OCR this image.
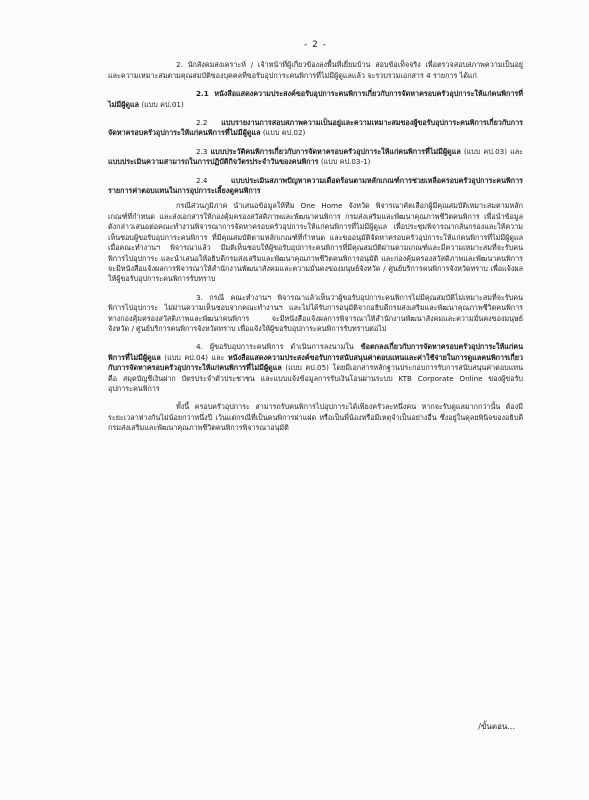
- 2 -

2. นักสังคมสงเคราะห์ / เจ้าหน้าที่ผู้เกี่ยวข้องลงพื้นที่เยี่ยมบ้าน สอบข้อเท็จจริง เพื่อตรวจสอบสภาพความเป็นอยู่ และความเหมาะสมตามคุณสมบัติของบุคคลที่ขอรับอุปการะคนพิการที่ไม่มีผู้ดูแลแล้ว จะรวบรวมเอกสาร 4 รายการ ได้แก่

2.1 หนังสือแสดงความประสงค์ขอรับอุปการะคนพิการเกี่ยวกับการจัดหาครอบครัวอุปการะให้แก่คนพิการที่ไม่มีผู้ดูแล (แบบ คป.01)

2.2 แบบรายงานการสอบสภาพความเป็นอยู่และความเหมาะสมของผู้ขอรับอุปการะคนพิการเกี่ยวกับการจัดหาครอบครัวอุปการะให้แก่คนพิการที่ไม่มีผู้ดูแล (แบบ คป.02)

2.3 แบบประวัติคนพิการเกี่ยวกับการจัดหาครอบครัวอุปการะให้แก่คนพิการที่ไม่มีผู้ดูแล (แบบ คป.03) และ แบบประเมินความสามารถในการปฏิบัติกิจวัตรประจำวันของคนพิการ (แบบ คป.03-1)

2.4	แบบประเมินสภาพปัญหาความเดือดร้อนตามหลักเกณฑ์การช่วยเหลือครอบครัวอุปการะคนพิการ รายการค่าตอบแทนในการอุปการะเลี้ยงดูคนพิการ

กรณีส่วนภูมิภาค นำเสนอข้อมูลให้ทีม One Home จังหวัด พิจารณาคัดเลือกผู้มีคุณสมบัติเหมาะสมตามหลักเกณฑ์ที่กำหนด และส่งเอกสารให้กองคุ้มครองสวัสดิภาพและพัฒนาคนพิการ กรมส่งเสริมและพัฒนาคุณภาพชีวิตคนพิการ เพื่อนำข้อมูลดังกล่าวเสนอต่อคณะทำงานพิจารณาการจัดหาครอบครัวอุปการะให้แก่คนพิการที่ไม่มีผู้ดูแล เพื่อประชุมพิจารณากลั่นกรองและให้ความเห็นชอบผู้ขอรับอุปการะคนพิการ ที่มีคุณสมบัติตามหลักเกณฑ์ที่กำหนด และขออนุมัติจัดหาครอบครัวอุปการะให้แก่คนพิการที่ไม่มีผู้ดูแล เมื่อคณะทำงานฯ พิจารณาแล้ว มีมติเห็นชอบให้ผู้ขอรับอุปการะคนพิการที่มีคุณสมบัติผ่านตามเกณฑ์และมีความเหมาะสมที่จะรับคนพิการไปอุปการะ และนำเสนอให้อธิบดีกรมส่งเสริมและพัฒนาคุณภาพชีวิตคนพิการอนุมัติ และกองคุ้มครองสวัสดิภาพและพัฒนาคนพิการ จะมีหนังสือแจ้งผลการพิจารณาให้สำนักงานพัฒนาสังคมและความมั่นคงของมนุษย์จังหวัด / ศูนย์บริการคนพิการจังหวัดทราบ เพื่อแจ้งผลให้ผู้ขอรับอุปการะคนพิการรับทราบ

3. กรณี คณะทำงานฯ พิจารณาแล้วเห็นว่าผู้ขอรับอุปการะคนพิการไม่มีคุณสมบัติไม่เหมาะสมที่จะรับคนพิการไปอุปการะ ไม่ผ่านความเห็นชอบจากคณะทำงานฯ และไม่ได้รับการอนุมัติจากอธิบดีกรมส่งเสริมและพัฒนาคุณภาพชีวิตคนพิการ ทางกองคุ้มครองสวัสดิภาพและพัฒนาคนพิการ จะมีหนังสือแจ้งผลการพิจารณาให้สำนักงานพัฒนาสังคมและความมั่นคงของมนุษย์จังหวัด / ศูนย์บริการคนพิการจังหวัดทราบ เพื่อแจ้งให้ผู้ขอรับอุปการะคนพิการรับทราบต่อไป

4. ผู้ขอรับอุปการะคนพิการ ดำเนินการลงนามใน ข้อตกลงเกี่ยวกับการจัดหาครอบครัวอุปการะให้แก่คนพิการที่ไม่มีผู้ดูแล (แบบ คป.04) และ หนังสือแสดงความประสงค์ขอรับการสนับสนุนค่าตอบแทนและค่าใช้จ่ายในการดูแลคนพิการเกี่ยวกับการจัดหาครอบครัวอุปการะให้แก่คนพิการที่ไม่มีผู้ดูแล (แบบ คป.05) โดยมีเอกสารหลักฐานประกอบการรับการสนับสนุนค่าตอบแทน คือ สมุดบัญชีเงินฝาก บัตรประจำตัวประชาชน และแบบแจ้งข้อมูลการรับเงินโอนผ่านระบบ KTB Corporate Online ของผู้ขอรับอุปการะคนพิการ

ทั้งนี้ ครอบครัวอุปการะ สามารถรับคนพิการไปอุปการะได้เพียงครัวละหนึ่งคน หากจะรับดูแลมากกว่านั้น ต้องมีระยะเวลาห่างกันไม่น้อยกว่าหนึ่งปี เว้นแต่กรณีที่เป็นคนพิการฝาแฝด หรือเป็นพี่น้องหรือมีเหตุจำเป็นอย่างอื่น ซึ่งอยู่ในดุลยพินิจของอธิบดีกรมส่งเสริมและพัฒนาคุณภาพชีวิตคนพิการพิจารณาอนุมัติ

/ขั้นตอน...
